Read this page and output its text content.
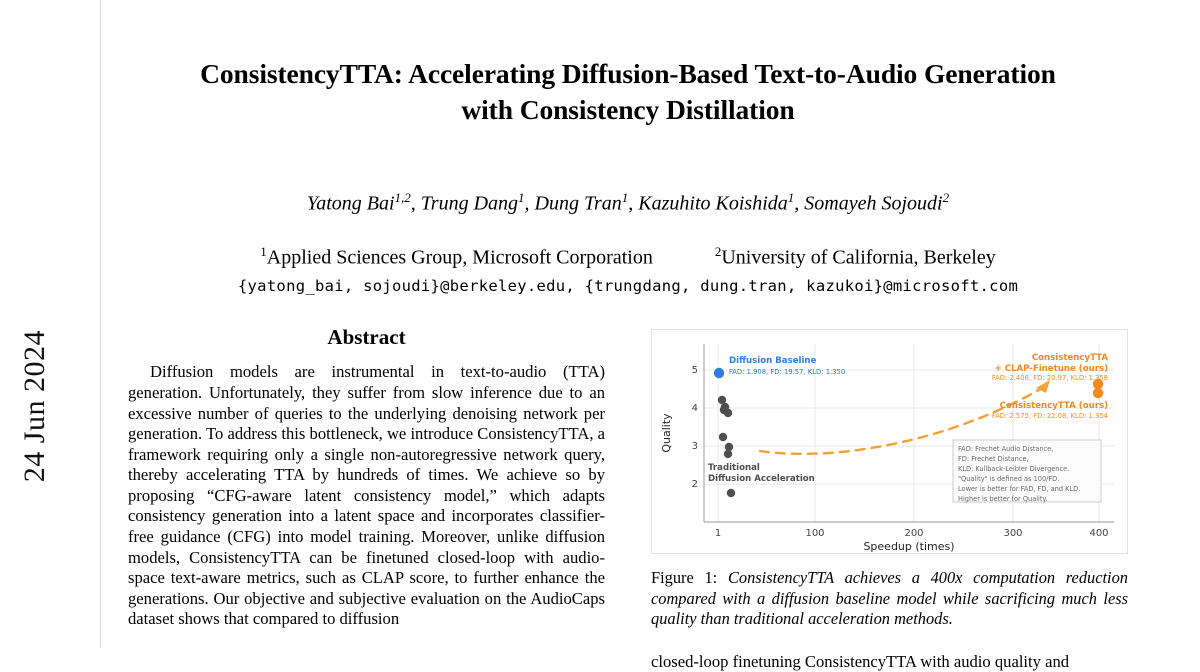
24 Jun 2024
ConsistencyTTA: Accelerating Diffusion-Based Text-to-Audio Generation
with Consistency Distillation
Yatong Bai$^{1,2}$, Trung Dang$^1$, Dung Tran$^1$, Kazuhito Koishida$^1$, Somayeh Sojoudi$^2$
$^1$Applied Sciences Group, Microsoft Corporation	$^2$University of California, Berkeley
{yatong_bai, sojoudi}@berkeley.edu, {trungdang, dung.tran, kazukoi}@microsoft.com
Abstract
Diffusion models are instrumental in text-to-audio (TTA) generation. Unfortunately, they suffer from slow inference due to an excessive number of queries to the underlying denoising network per generation. To address this bottleneck, we introduce ConsistencyTTA, a framework requiring only a single non-autoregressive network query, thereby accelerating TTA by hundreds of times. We achieve so by proposing “CFG-aware latent consistency model,” which adapts consistency generation into a latent space and incorporates classifier-free guidance (CFG) into model training. Moreover, unlike diffusion models, ConsistencyTTA can be finetuned closed-loop with audio-space text-aware metrics, such as CLAP score, to further enhance the generations. Our objective and subjective evaluation on the AudioCaps dataset shows that compared to diffusion
5
4
3
2
1	100	200	300	400
Speedup (times)
Quality
Diffusion Baseline
FAD: 1.908, FD: 19.57, KLD: 1.350
ConsistencyTTA
+ CLAP-Finetune (ours)
FAD: 2.406, FD: 20.97, KLD: 1.358
ConsistencyTTA (ours)
FAD: 2.575, FD: 22.08, KLD: 1.354
Traditional
Diffusion Acceleration
FAD: Frechet Audio Distance,
FD: Frechet Distance,
KLD: Kullback-Leibler Divergence.
"Quality" is defined as 100/FD.
Lower is better for FAD, FD, and KLD.
Higher is better for Quality.
Figure 1: ConsistencyTTA achieves a 400x computation reduction compared with a diffusion baseline model while sacrificing much less quality than traditional acceleration methods.
closed-loop finetuning ConsistencyTTA with audio quality and
